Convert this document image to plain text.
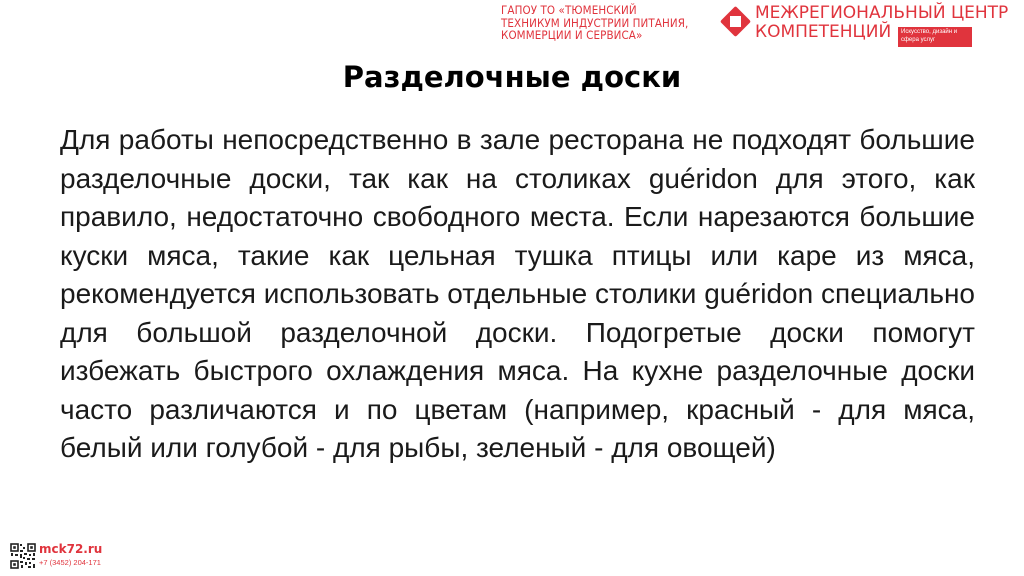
ГАПОУ ТО «ТЮМЕНСКИЙ
ТЕХНИКУМ ИНДУСТРИИ ПИТАНИЯ,
КОММЕРЦИИ И СЕРВИСА»
МЕЖРЕГИОНАЛЬНЫЙ ЦЕНТР
КОМПЕТЕНЦИЙ	Искусство, дизайн и сфера услуг
Разделочные доски

Для работы непосредственно в зале ресторана не подходят большие разделочные доски, так как на столиках guéridon для этого, как правило, недостаточно свободного места. Если нарезаются большие куски мяса, такие как цельная тушка птицы или каре из мяса, рекомендуется использовать отдельные столики guéridon специально для большой разделочной доски. Подогретые доски помогут избежать быстрого охлаждения мяса. На кухне разделочные доски часто различаются и по цветам (например, красный - для мяса, белый или голубой - для рыбы, зеленый - для овощей)

mck72.ru
+7 (3452) 204-171
